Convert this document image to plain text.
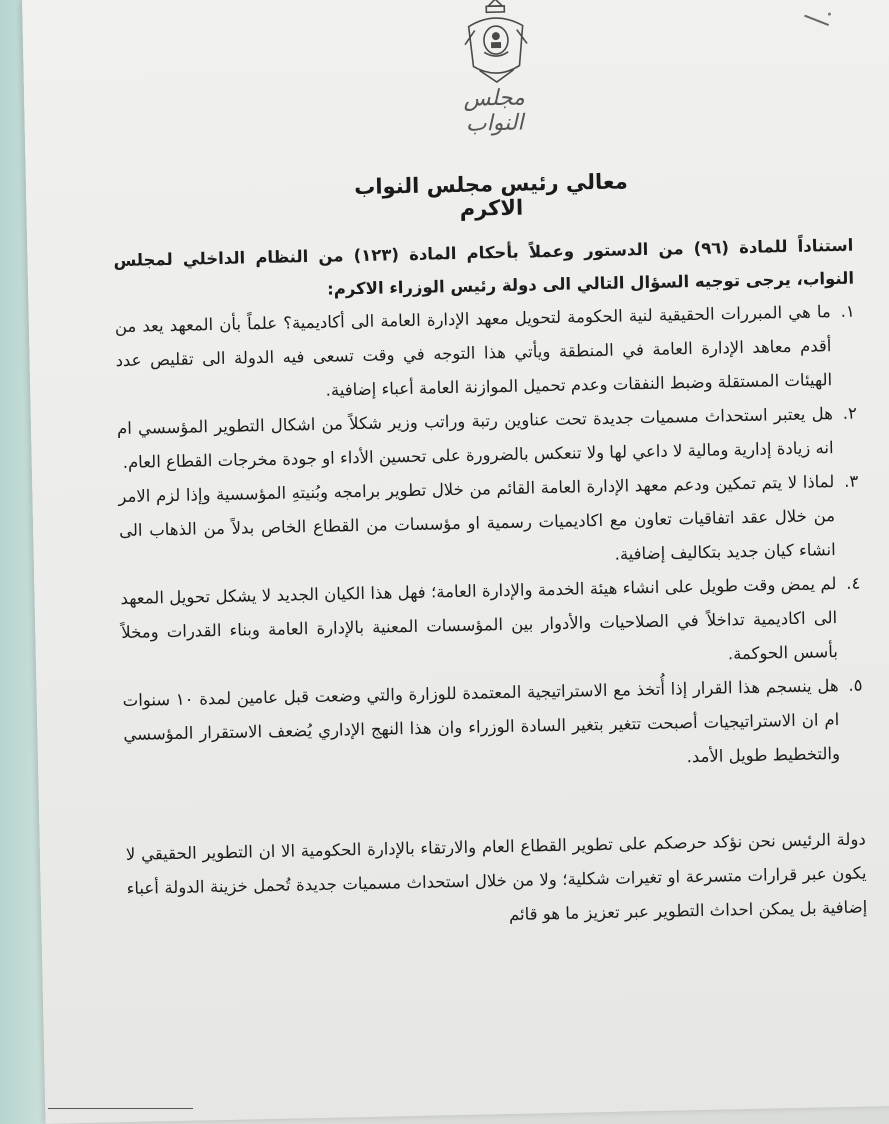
مجلس النواب
معالي رئيس مجلس النواب الاكرم

استناداً للمادة (٩٦) من الدستور وعملاً بأحكام المادة (١٢٣) من النظام الداخلي لمجلس النواب، يرجى توجيه السؤال التالي الى دولة رئيس الوزراء الاكرم:

١.
ما هي المبررات الحقيقية لنية الحكومة لتحويل معهد الإدارة العامة الى أكاديمية؟ علماً بأن المعهد يعد من أقدم معاهد الإدارة العامة في المنطقة ويأتي هذا التوجه في وقت تسعى فيه الدولة الى تقليص عدد الهيئات المستقلة وضبط النفقات وعدم تحميل الموازنة العامة أعباء إضافية.
٢.
هل يعتبر استحداث مسميات جديدة تحت عناوين رتبة وراتب وزير شكلاً من اشكال التطوير المؤسسي ام انه زيادة إدارية ومالية لا داعي لها ولا تنعكس بالضرورة على تحسين الأداء او جودة مخرجات القطاع العام.
٣.
لماذا لا يتم تمكين ودعم معهد الإدارة العامة القائم من خلال تطوير برامجه وبُنيتهِ المؤسسية وإذا لزم الامر من خلال عقد اتفاقيات تعاون مع اكاديميات رسمية او مؤسسات من القطاع الخاص بدلاً من الذهاب الى انشاء كيان جديد بتكاليف إضافية.
٤.
لم يمض وقت طويل على انشاء هيئة الخدمة والإدارة العامة؛ فهل هذا الكيان الجديد لا يشكل تحويل المعهد الى اكاديمية تداخلاً في الصلاحيات والأدوار بين المؤسسات المعنية بالإدارة العامة وبناء القدرات ومخلاً بأسس الحوكمة.
٥.
هل ينسجم هذا القرار إذا أُتخذ مع الاستراتيجية المعتمدة للوزارة والتي وضعت قبل عامين لمدة ١٠ سنوات ام ان الاستراتيجيات أصبحت تتغير بتغير السادة الوزراء وان هذا النهج الإداري يُضعف الاستقرار المؤسسي والتخطيط طويل الأمد.

دولة الرئيس نحن نؤكد حرصكم على تطوير القطاع العام والارتقاء بالإدارة الحكومية الا ان التطوير الحقيقي لا يكون عبر قرارات متسرعة او تغيرات شكلية؛ ولا من خلال استحداث مسميات جديدة تُحمل خزينة الدولة أعباء إضافية بل يمكن احداث التطوير عبر تعزيز ما هو قائم
